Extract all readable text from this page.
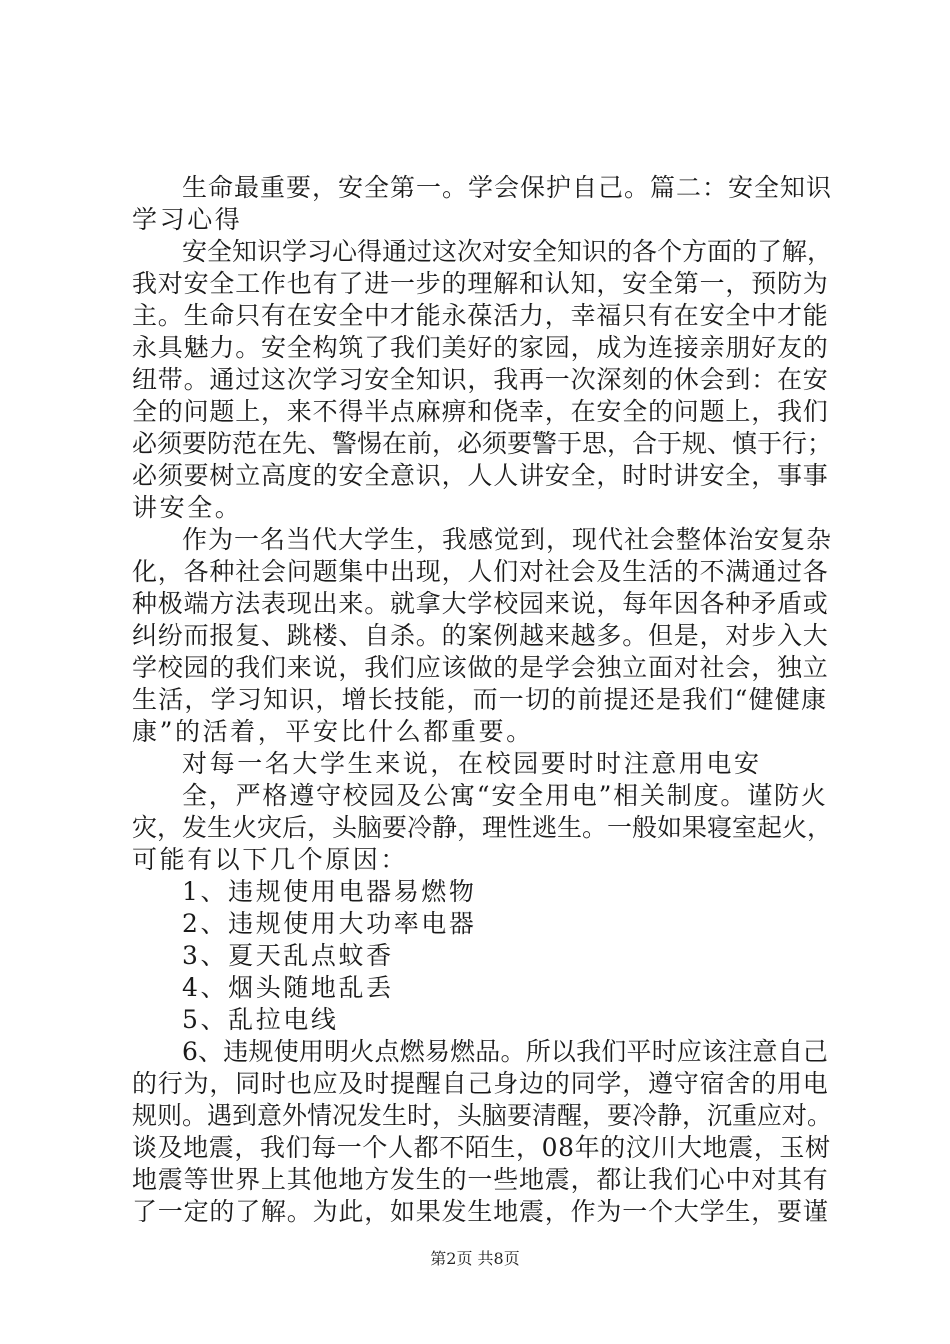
生命最重要，安全第一。学会保护自己。篇二：安全知识
学习心得
安全知识学习心得通过这次对安全知识的各个方面的了解，
我对安全工作也有了进一步的理解和认知，安全第一，预防为
主。生命只有在安全中才能永葆活力，幸福只有在安全中才能
永具魅力。安全构筑了我们美好的家园，成为连接亲朋好友的
纽带。通过这次学习安全知识，我再一次深刻的休会到：在安
全的问题上，来不得半点麻痹和侥幸，在安全的问题上，我们
必须要防范在先、警惕在前，必须要警于思，合于规、慎于行；
必须要树立高度的安全意识，人人讲安全，时时讲安全，事事
讲安全。
作为一名当代大学生，我感觉到，现代社会整体治安复杂
化，各种社会问题集中出现，人们对社会及生活的不满通过各
种极端方法表现出来。就拿大学校园来说，每年因各种矛盾或
纠纷而报复、跳楼、自杀。的案例越来越多。但是，对步入大
学校园的我们来说，我们应该做的是学会独立面对社会，独立
生活，学习知识，增长技能，而一切的前提还是我们“健健康
康”的活着，平安比什么都重要。
对每一名大学生来说，在校园要时时注意用电安
全，严格遵守校园及公寓“安全用电”相关制度。谨防火
灾，发生火灾后，头脑要冷静，理性逃生。一般如果寝室起火，
可能有以下几个原因：
1、违规使用电器易燃物
2、违规使用大功率电器
3、夏天乱点蚊香
4、烟头随地乱丢
5、乱拉电线
6、违规使用明火点燃易燃品。所以我们平时应该注意自己
的行为，同时也应及时提醒自己身边的同学，遵守宿舍的用电
规则。遇到意外情况发生时，头脑要清醒，要冷静，沉重应对。
谈及地震，我们每一个人都不陌生，08年的汶川大地震，玉树
地震等世界上其他地方发生的一些地震，都让我们心中对其有
了一定的了解。为此，如果发生地震，作为一个大学生，要谨
第2页 共8页
